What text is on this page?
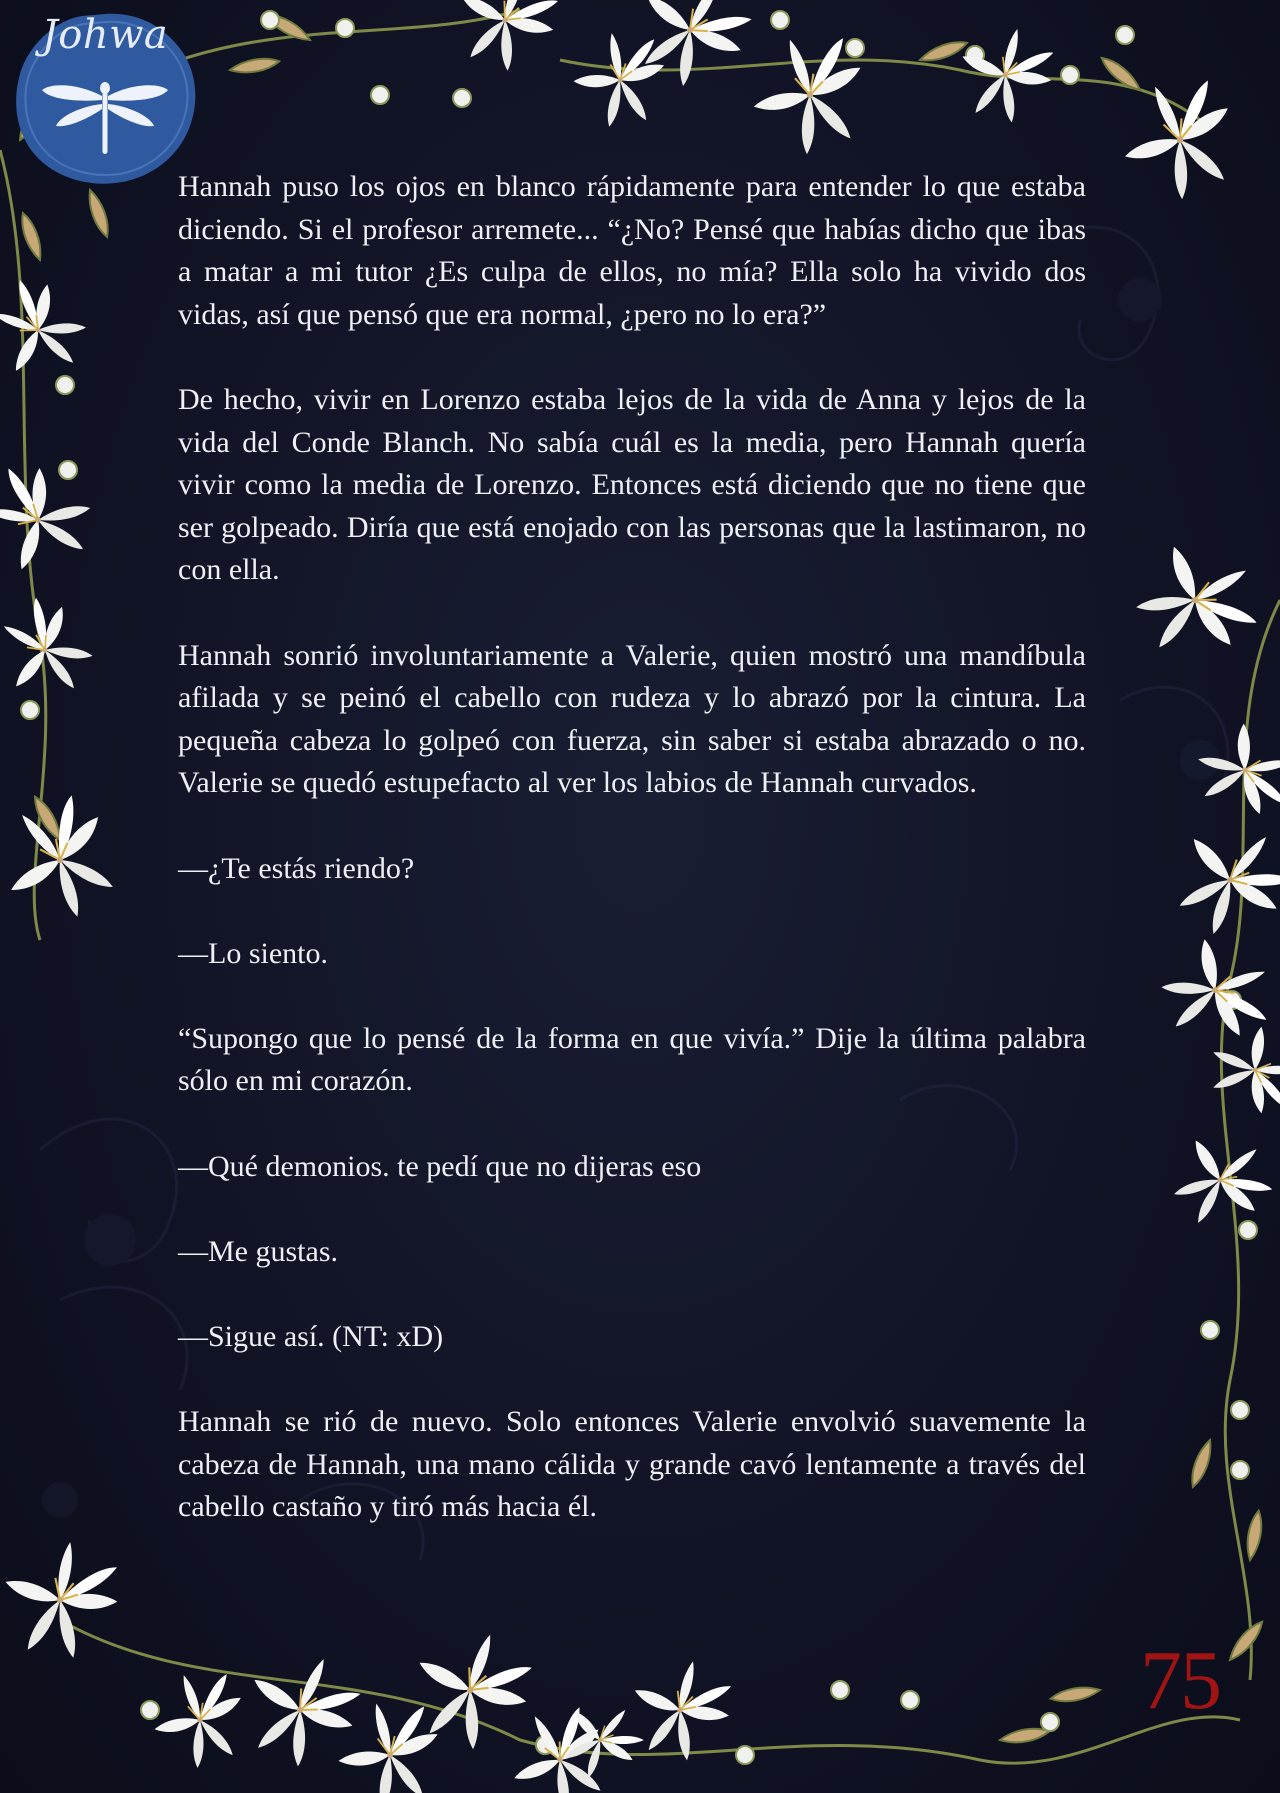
Johwa

Hannah puso los ojos en blanco rápidamente para entender lo que estaba diciendo. Si el profesor arremete... “¿No? Pensé que habías dicho que ibas a matar a mi tutor ¿Es culpa de ellos, no mía? Ella solo ha vivido dos vidas, así que pensó que era normal, ¿pero no lo era?”

De hecho, vivir en Lorenzo estaba lejos de la vida de Anna y lejos de la vida del Conde Blanch. No sabía cuál es la media, pero Hannah quería vivir como la media de Lorenzo. Entonces está diciendo que no tiene que ser golpeado. Diría que está enojado con las personas que la lastimaron, no con ella.

Hannah sonrió involuntariamente a Valerie, quien mostró una mandíbula afilada y se peinó el cabello con rudeza y lo abrazó por la cintura. La pequeña cabeza lo golpeó con fuerza, sin saber si estaba abrazado o no. Valerie se quedó estupefacto al ver los labios de Hannah curvados.

—¿Te estás riendo?

—Lo siento.

“Supongo que lo pensé de la forma en que vivía.” Dije la última palabra sólo en mi corazón.

—Qué demonios. te pedí que no dijeras eso

—Me gustas.

—Sigue así. (NT: xD)

Hannah se rió de nuevo. Solo entonces Valerie envolvió suavemente la cabeza de Hannah, una mano cálida y grande cavó lentamente a través del cabello castaño y tiró más hacia él.

75
